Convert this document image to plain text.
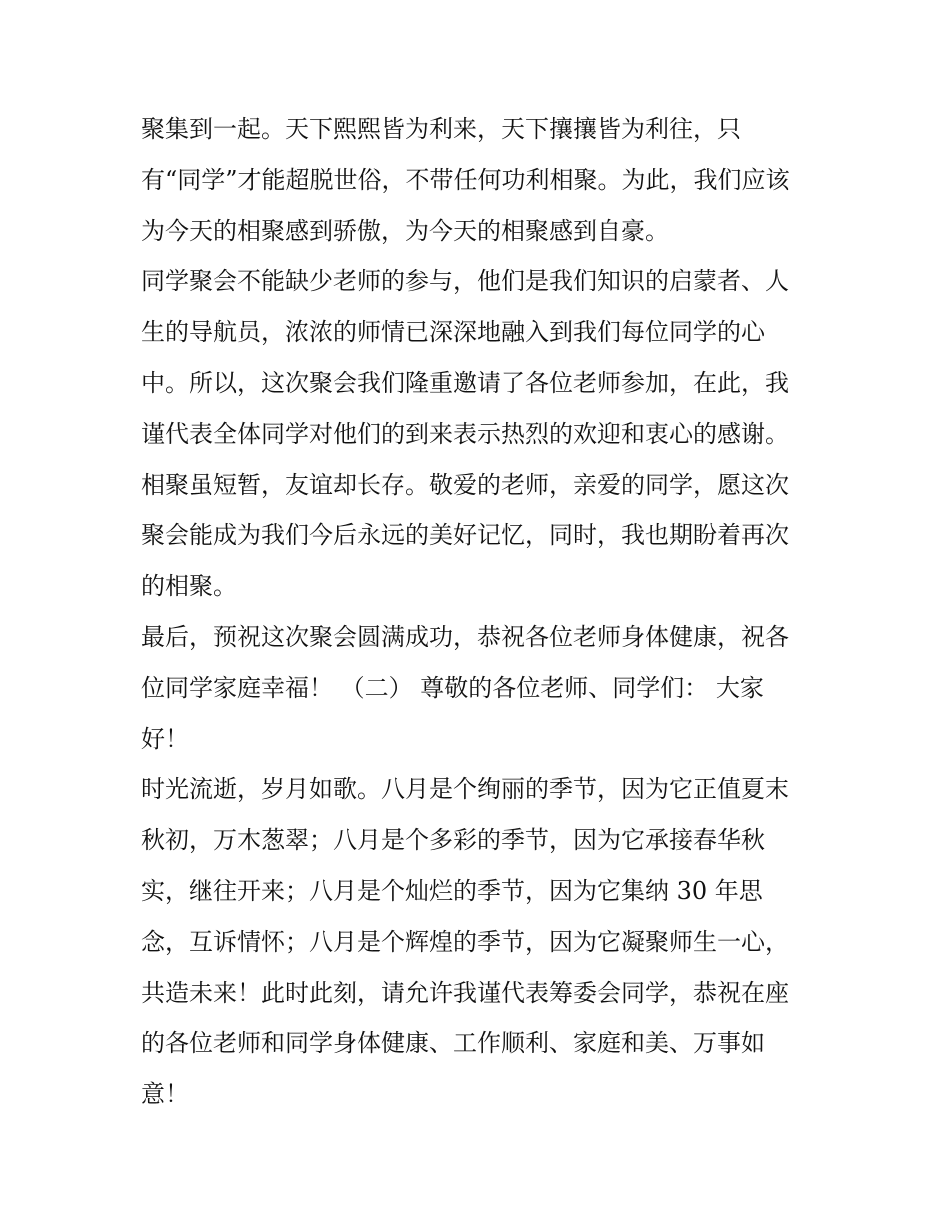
聚集到一起。天下熙熙皆为利来，天下攘攘皆为利往，只
有“同学”才能超脱世俗，不带任何功利相聚。为此，我们应该
为今天的相聚感到骄傲，为今天的相聚感到自豪。
同学聚会不能缺少老师的参与，他们是我们知识的启蒙者、人
生的导航员，浓浓的师情已深深地融入到我们每位同学的心
中。所以，这次聚会我们隆重邀请了各位老师参加，在此，我
谨代表全体同学对他们的到来表示热烈的欢迎和衷心的感谢。
相聚虽短暂，友谊却长存。敬爱的老师，亲爱的同学，愿这次
聚会能成为我们今后永远的美好记忆，同时，我也期盼着再次
的相聚。
最后，预祝这次聚会圆满成功，恭祝各位老师身体健康，祝各
位同学家庭幸福！ （二） 尊敬的各位老师、同学们： 大家
好！
时光流逝，岁月如歌。八月是个绚丽的季节，因为它正值夏末
秋初，万木葱翠；八月是个多彩的季节，因为它承接春华秋
实，继往开来；八月是个灿烂的季节，因为它集纳 30 年思
念，互诉情怀；八月是个辉煌的季节，因为它凝聚师生一心，
共造未来！此时此刻，请允许我谨代表筹委会同学，恭祝在座
的各位老师和同学身体健康、工作顺利、家庭和美、万事如
意！
